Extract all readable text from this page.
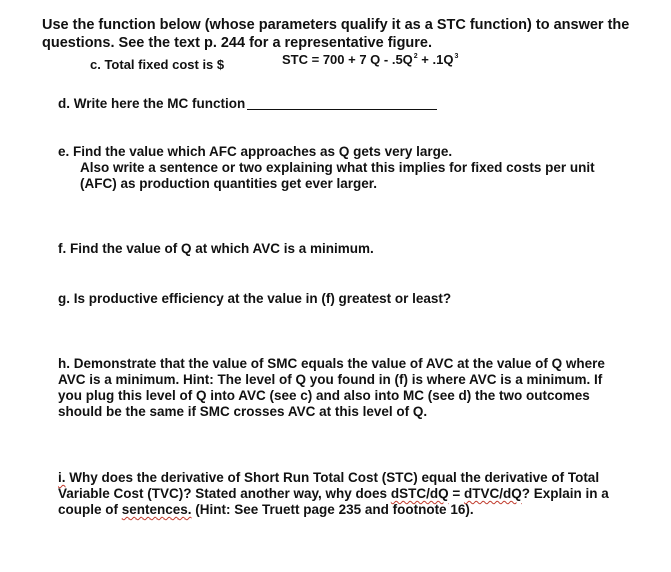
Use the function below (whose parameters qualify it as a STC function) to answer the

questions. See the text p. 244 for a representative figure.

STC = 700 + 7 $Q - .5Q^2 + .1Q^3$

c. Total fixed cost is $

d. Write here the MC function

e. Find the value which AFC approaches as Q gets very large.

Also write a sentence or two explaining what this implies for fixed costs per unit

(AFC) as production quantities get ever larger.

f. Find the value of Q at which AVC is a minimum.

g. Is productive efficiency at the value in (f) greatest or least?

h. Demonstrate that the value of SMC equals the value of AVC at the value of Q where

AVC is a minimum. Hint: The level of Q you found in (f) is where AVC is a minimum. If

you plug this level of Q into AVC (see c) and also into MC (see d) the two outcomes

should be the same if SMC crosses AVC at this level of Q.

i. Why does the derivative of Short Run Total Cost (STC) equal the derivative of Total

Variable Cost (TVC)? Stated another way, why does dSTC/dQ = dTVC/dQ? Explain in a

couple of sentences. (Hint: See Truett page 235 and footnote 16).
